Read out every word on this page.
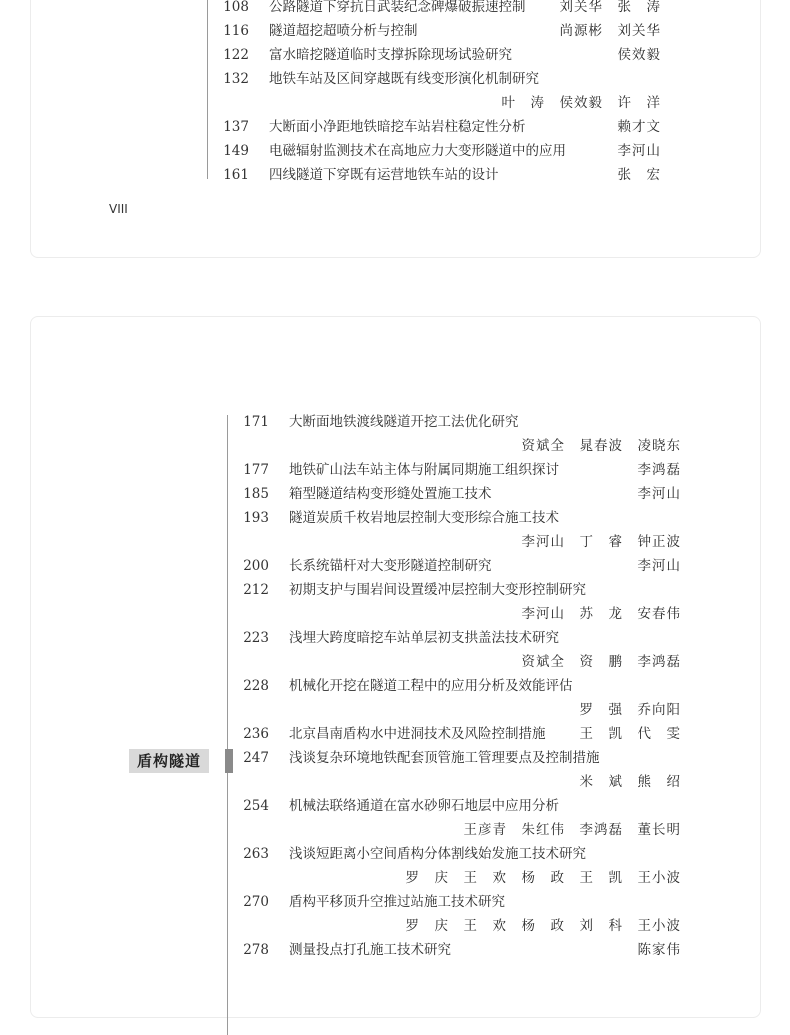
108 公路隧道下穿抗日武装纪念碑爆破振速控制	刘关华　张　涛
116 隧道超挖超喷分析与控制	尚源彬　刘关华
122 富水暗挖隧道临时支撑拆除现场试验研究	侯效毅
132 地铁车站及区间穿越既有线变形演化机制研究
叶　涛　侯效毅　许　洋
137 大断面小净距地铁暗挖车站岩柱稳定性分析	赖才文
149 电磁辐射监测技术在高地应力大变形隧道中的应用	李河山
161 四线隧道下穿既有运营地铁车站的设计	张　宏
VIII
盾构隧道
171 大断面地铁渡线隧道开挖工法优化研究
资斌全　晁春波　凌晓东
177 地铁矿山法车站主体与附属同期施工组织探讨	李鸿磊
185 箱型隧道结构变形缝处置施工技术	李河山
193 隧道炭质千枚岩地层控制大变形综合施工技术
李河山　丁　睿　钟正波
200 长系统锚杆对大变形隧道控制研究	李河山
212 初期支护与围岩间设置缓冲层控制大变形控制研究
李河山　苏　龙　安春伟
223 浅埋大跨度暗挖车站单层初支拱盖法技术研究
资斌全　资　鹏　李鸿磊
228 机械化开挖在隧道工程中的应用分析及效能评估
罗　强　乔向阳
236 北京昌南盾构水中进洞技术及风险控制措施	王　凯　代　雯
247 浅谈复杂环境地铁配套顶管施工管理要点及控制措施
米　斌　熊　绍
254 机械法联络通道在富水砂卵石地层中应用分析
王彦青　朱红伟　李鸿磊　董长明
263 浅谈短距离小空间盾构分体割线始发施工技术研究
罗　庆　王　欢　杨　政　王　凯　王小波
270 盾构平移顶升空推过站施工技术研究
罗　庆　王　欢　杨　政　刘　科　王小波
278 测量投点打孔施工技术研究	陈家伟
